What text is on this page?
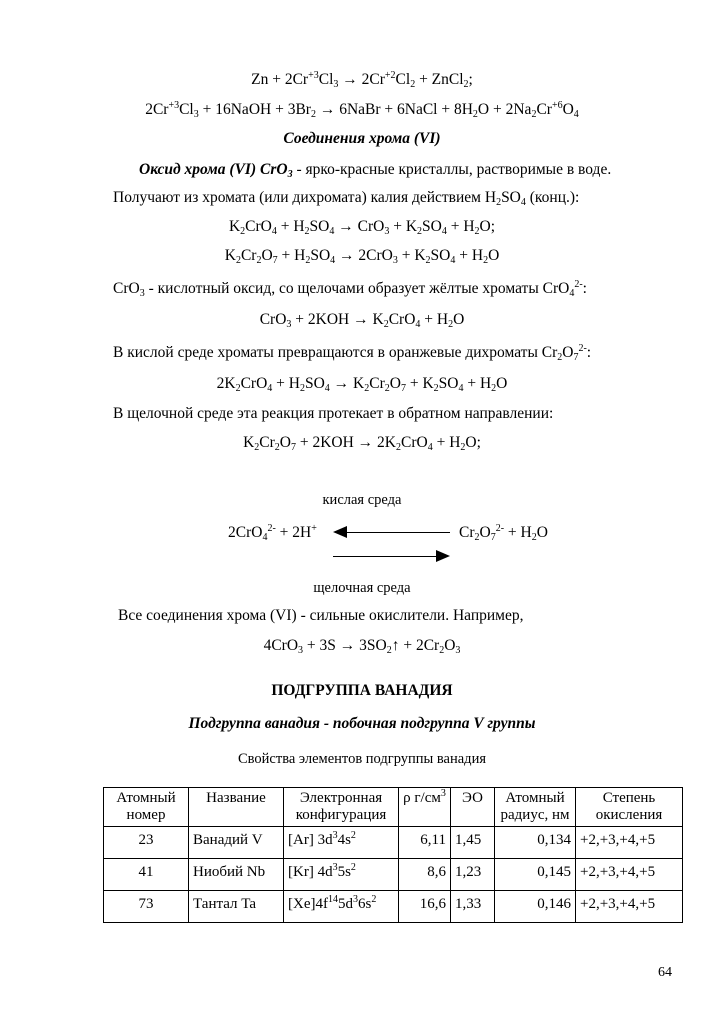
$Zn + 2Cr^{+3}Cl_3 \to 2Cr^{+2}Cl_2$ + ZnCl$_2$;
$2Cr^{+3}Cl_3$ + 16NaOH + $3Br_2$ → 6NaBr + 6NaCl + $8H_2O + 2Na_2Cr^{+6}O_4$
Соединения хрома (VI)
Оксид хрома (VI) CrO$_3$ - ярко-красные кристаллы, растворимые в воде.
Получают из хромата (или дихромата) калия действием $H_2SO_4$ (конц.):
$K_2CrO_4 + H_2SO_4 \to CrO_3 + K_2SO_4 + H_2O$;
$K_2Cr_2O_7 + H_2SO_4 \to 2CrO_3 + K_2SO_4 + H_2O$
CrO$_3$ - кислотный оксид, со щелочами образует жёлтые хроматы CrO$_4^{2-}$:
$CrO_3 + 2KOH \to K_2CrO_4 + H_2O$
В кислой среде хроматы превращаются в оранжевые дихроматы $Cr_2O_7^{2-}$:
$2K_2CrO_4 + H_2SO_4 \to K_2Cr_2O_7 + K_2SO_4 + H_2O$
В щелочной среде эта реакция протекает в обратном направлении:
$K_2Cr_2O_7 + 2KOH \to 2K_2CrO_4 + H_2O$;
кислая среда
2CrO$_4^{2-}$ + 2H+	$Cr_2O_7^{2-} + H_2O$
щелочная среда
Все соединения хрома (VI) - сильные окислители. Например,
$4CrO_3 + 3S \to 3SO_2↑ + 2Cr_2O_3$
ПОДГРУППА ВАНАДИЯ
Подгруппа ванадия - побочная подгруппа V группы
Свойства элементов подгруппы ванадия
Атомный номер	Название	Электронная конфигурация	ρ $г/см^3$	ЭО	Атомный радиус, нм	Степень окисления
23	Ванадий V	[Ar] $3d^34s^2$	6,11	1,45	0,134	+2,+3,+4,+5
41	Ниобий Nb	[Kr] $4d^35s^2$	8,6	1,23	0,145	+2,+3,+4,+5
73	Тантал Ta	$[Xe]4f^{14}5d^36s^2$	16,6	1,33	0,146	+2,+3,+4,+5
64
